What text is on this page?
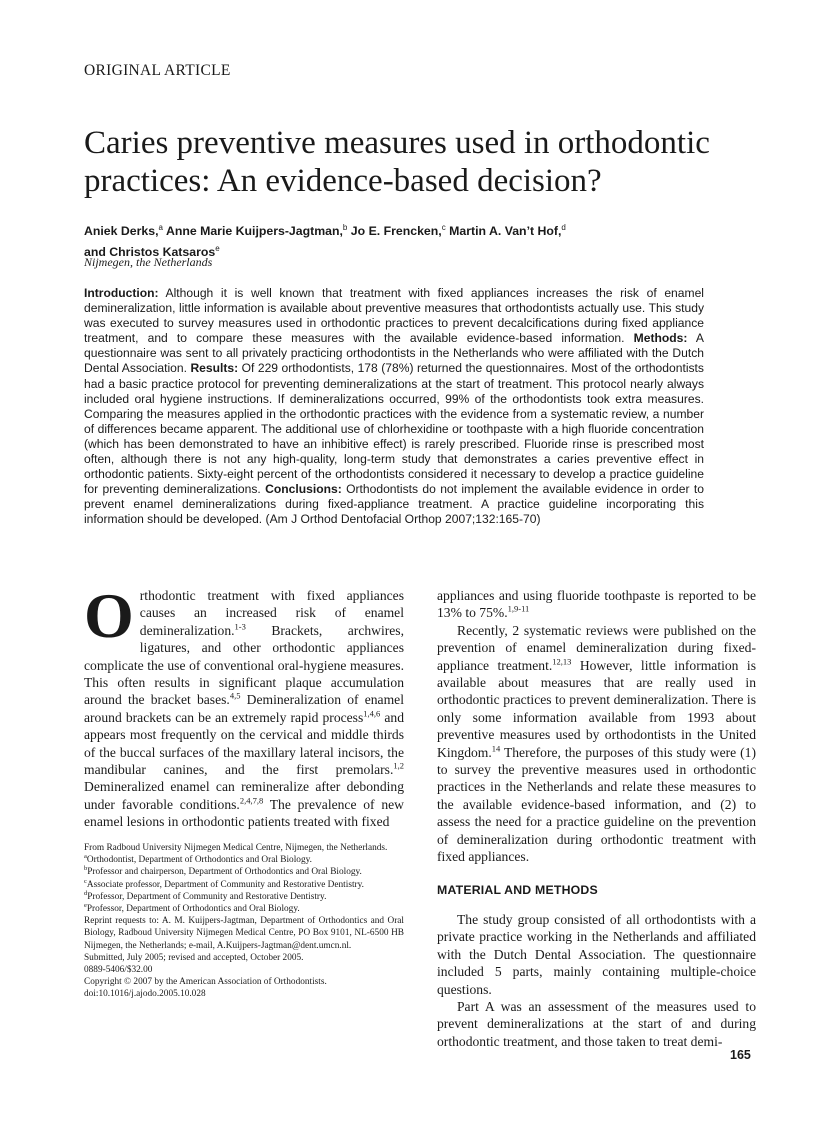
ORIGINAL ARTICLE
Caries preventive measures used in orthodontic practices: An evidence-based decision?
Aniek Derks,$^a$ Anne Marie Kuijpers-Jagtman,$^b$ Jo E. Frencken,$^c$ Martin A. Van’t Hof,$^d$
and Christos Katsaros$^e$
Nijmegen, the Netherlands

Introduction: Although it is well known that treatment with fixed appliances increases the risk of enamel demineralization, little information is available about preventive measures that orthodontists actually use. This study was executed to survey measures used in orthodontic practices to prevent decalcifications during fixed appliance treatment, and to compare these measures with the available evidence-based information. Methods: A questionnaire was sent to all privately practicing orthodontists in the Netherlands who were affiliated with the Dutch Dental Association. Results: Of 229 orthodontists, 178 (78%) returned the questionnaires. Most of the orthodontists had a basic practice protocol for preventing demineralizations at the start of treatment. This protocol nearly always included oral hygiene instructions. If demineralizations occurred, 99% of the orthodontists took extra measures. Comparing the measures applied in the orthodontic practices with the evidence from a systematic review, a number of differences became apparent. The additional use of chlorhexidine or toothpaste with a high fluoride concentration (which has been demonstrated to have an inhibitive effect) is rarely prescribed. Fluoride rinse is prescribed most often, although there is not any high-quality, long-term study that demonstrates a caries preventive effect in orthodontic patients. Sixty-eight percent of the orthodontists considered it necessary to develop a practice guideline for preventing demineralizations. Conclusions: Orthodontists do not implement the available evidence in order to prevent enamel demineralizations during fixed-appliance treatment. A practice guideline incorporating this information should be developed. (Am J Orthod Dentofacial Orthop 2007;132:165-70)

O rthodontic treatment with fixed appliances causes an increased risk of enamel demineralization.$^{1-3}$ Brackets, archwires, ligatures, and other orthodontic appliances complicate the use of conventional oral-hygiene measures. This often results in significant plaque accumulation around the bracket bases.$^{4,5}$ Demineralization of enamel around brackets can be an extremely rapid process$^{1,4,6}$ and appears most frequently on the cervical and middle thirds of the buccal surfaces of the maxillary lateral incisors, the mandibular canines, and the first premolars.$^{1,2}$ Demineralized enamel can remineralize after debonding under favorable conditions.$^{2,4,7,8}$ The prevalence of new enamel lesions in orthodontic patients treated with fixed

From Radboud University Nijmegen Medical Centre, Nijmegen, the Netherlands.

$^a$Orthodontist, Department of Orthodontics and Oral Biology.

$^b$Professor and chairperson, Department of Orthodontics and Oral Biology.

$^c$Associate professor, Department of Community and Restorative Dentistry.

$^d$Professor, Department of Community and Restorative Dentistry.

$^e$Professor, Department of Orthodontics and Oral Biology.

Reprint requests to: A. M. Kuijpers-Jagtman, Department of Orthodontics and Oral Biology, Radboud University Nijmegen Medical Centre, PO Box 9101, NL-6500 HB Nijmegen, the Netherlands; e-mail, A.Kuijpers-Jagtman@dent.umcn.nl.

Submitted, July 2005; revised and accepted, October 2005.

0889-5406/$32.00

Copyright © 2007 by the American Association of Orthodontists.

doi:10.1016/j.ajodo.2005.10.028

appliances and using fluoride toothpaste is reported to be 13% to 75%.$^{1,9-11}$

Recently, 2 systematic reviews were published on the prevention of enamel demineralization during fixed-appliance treatment.$^{12,13}$ However, little information is available about measures that are really used in orthodontic practices to prevent demineralization. There is only some information available from 1993 about preventive measures used by orthodontists in the United Kingdom.$^{14}$ Therefore, the purposes of this study were (1) to survey the preventive measures used in orthodontic practices in the Netherlands and relate these measures to the available evidence-based information, and (2) to assess the need for a practice guideline on the prevention of demineralization during orthodontic treatment with fixed appliances.

MATERIAL AND METHODS

The study group consisted of all orthodontists with a private practice working in the Netherlands and affiliated with the Dutch Dental Association. The questionnaire included 5 parts, mainly containing multiple-choice questions.

Part A was an assessment of the measures used to prevent demineralizations at the start of and during orthodontic treatment, and those taken to treat demi-

165
